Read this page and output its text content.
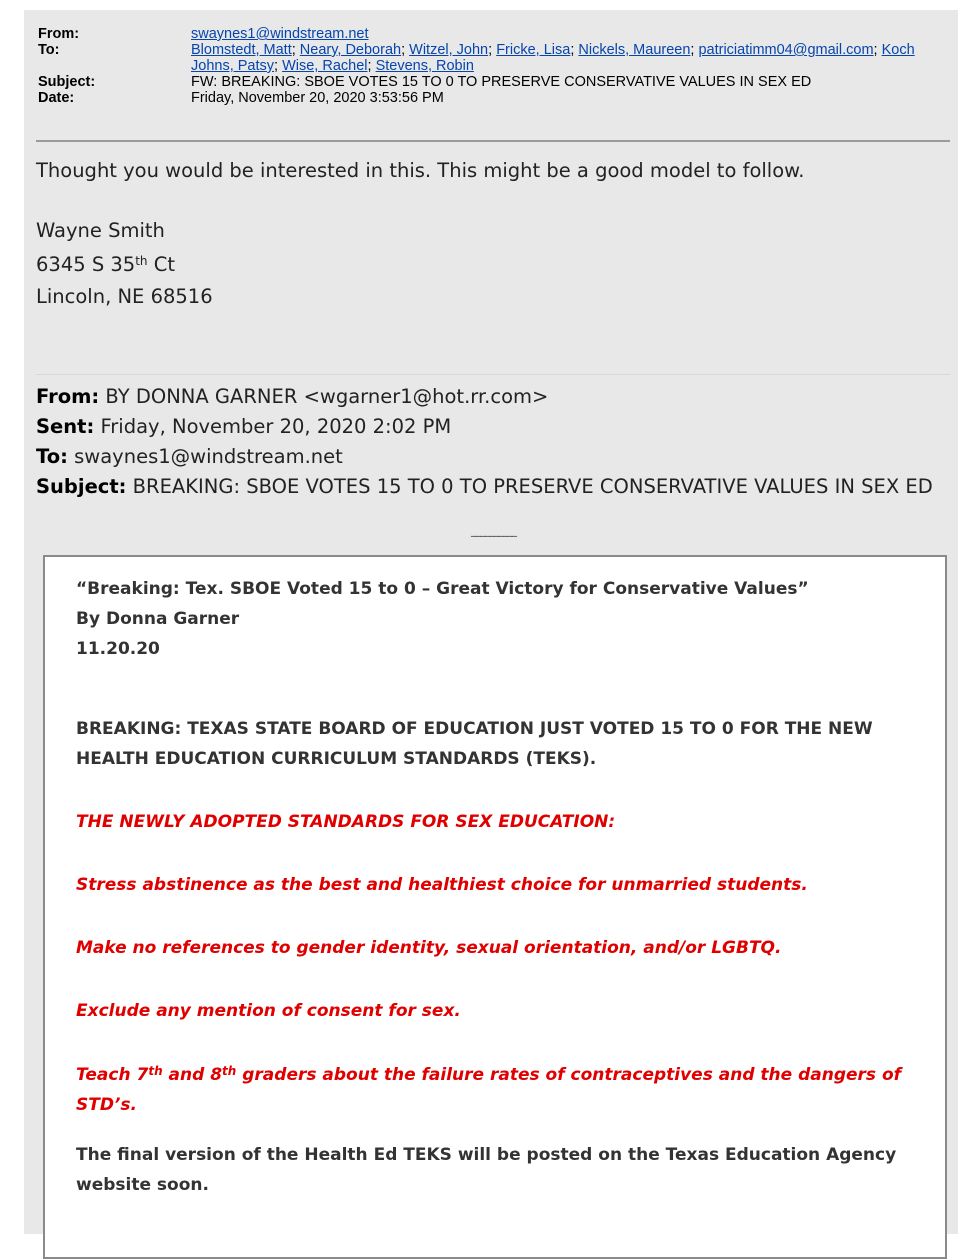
From:	swaynes1@windstream.net
To:	Blomstedt, Matt; Neary, Deborah; Witzel, John; Fricke, Lisa; Nickels, Maureen; patriciatimm04@gmail.com; Koch Johns, Patsy; Wise, Rachel; Stevens, Robin
Subject:	FW: BREAKING: SBOE VOTES 15 TO 0 TO PRESERVE CONSERVATIVE VALUES IN SEX ED
Date:	Friday, November 20, 2020 3:53:56 PM
Thought you would be interested in this. This might be a good model to follow.
Wayne Smith
6345 S 35th Ct
Lincoln, NE 68516
From: BY DONNA GARNER <wgarner1@hot.rr.com>
Sent: Friday, November 20, 2020 2:02 PM
To: swaynes1@windstream.net
Subject: BREAKING: SBOE VOTES 15 TO 0 TO PRESERVE CONSERVATIVE VALUES IN SEX ED
__________
“Breaking: Tex. SBOE Voted 15 to 0 – Great Victory for Conservative Values”
By Donna Garner
11.20.20
BREAKING: TEXAS STATE BOARD OF EDUCATION JUST VOTED 15 TO 0 FOR THE NEW HEALTH EDUCATION CURRICULUM STANDARDS (TEKS).
THE NEWLY ADOPTED STANDARDS FOR SEX EDUCATION:
Stress abstinence as the best and healthiest choice for unmarried students.
Make no references to gender identity, sexual orientation, and/or LGBTQ.
Exclude any mention of consent for sex.
Teach 7th and 8th graders about the failure rates of contraceptives and the dangers of STD’s.
The final version of the Health Ed TEKS will be posted on the Texas Education Agency website soon.
